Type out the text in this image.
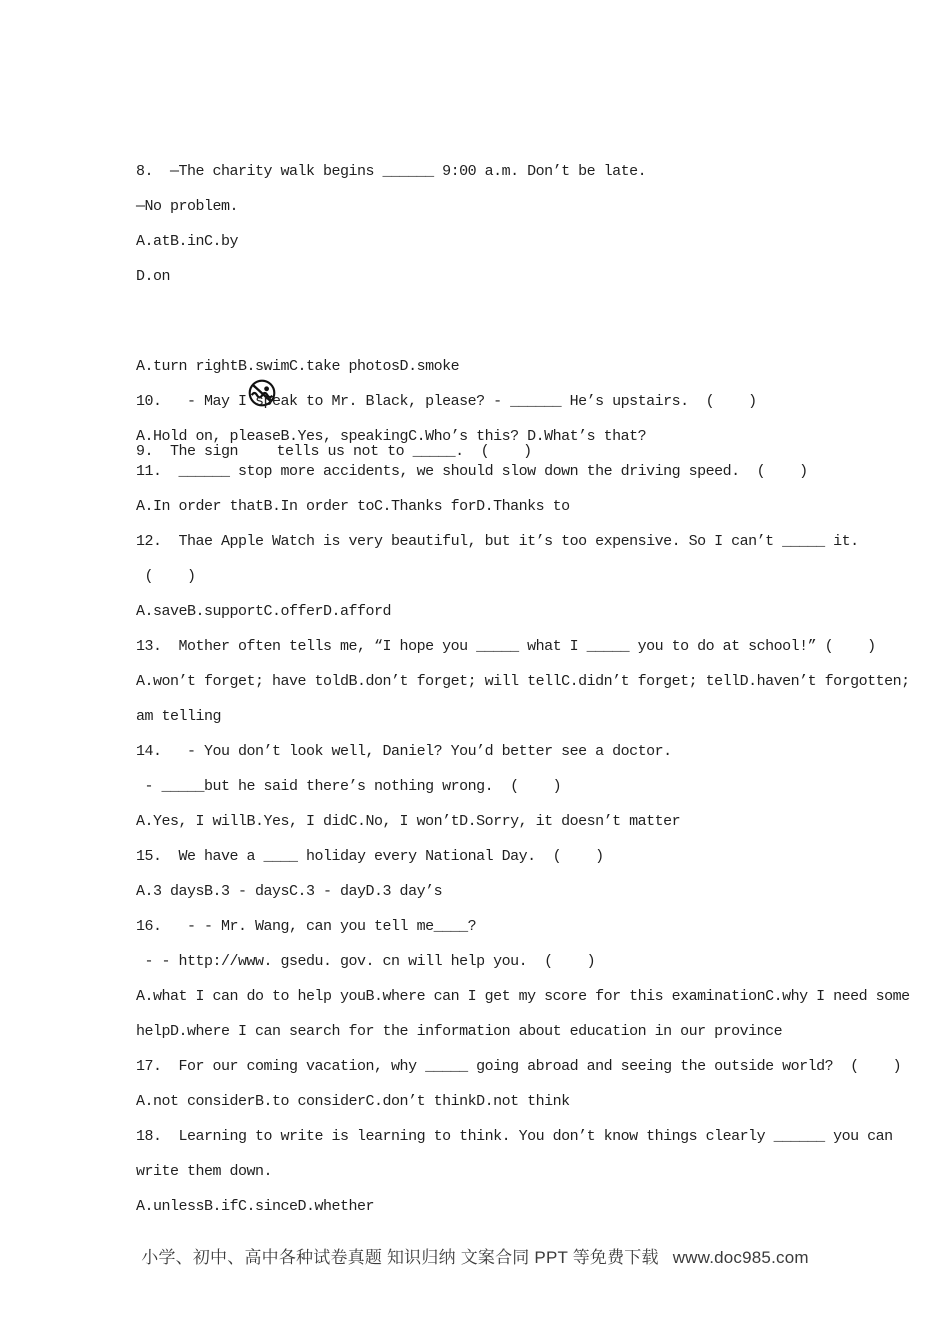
8.  —The charity walk begins ______ 9:00 a.m. Don’t be late.

—No problem.

A.atB.inC.by

D.on

9.  The sign

tells us not to _____.  (    )

A.turn rightB.swimC.take photosD.smoke

10.   - May I speak to Mr. Black, please? - ______ He’s upstairs.  (    )

A.Hold on, pleaseB.Yes, speakingC.Who’s this? D.What’s that?

11.  ______ stop more accidents, we should slow down the driving speed.  (    )

A.In order thatB.In order toC.Thanks forD.Thanks to

12.  Thae Apple Watch is very beautiful, but it’s too expensive. So I can’t _____ it.

(    )

A.saveB.supportC.offerD.afford

13.  Mother often tells me, “I hope you _____ what I _____ you to do at school!” (    )

A.won’t forget; have toldB.don’t forget; will tellC.didn’t forget; tellD.haven’t forgotten;

am telling

14.   - You don’t look well, Daniel? You’d better see a doctor.

- _____but he said there’s nothing wrong.  (    )

A.Yes, I willB.Yes, I didC.No, I won’tD.Sorry, it doesn’t matter

15.  We have a ____ holiday every National Day.  (    )

A.3 daysB.3 - daysC.3 - dayD.3 day’s

16.   - - Mr. Wang, can you tell me____?

- - http://www. gsedu. gov. cn will help you.  (    )

A.what I can do to help youB.where can I get my score for this examinationC.why I need some

helpD.where I can search for the information about education in our province

17.  For our coming vacation, why _____ going abroad and seeing the outside world?  (    )

A.not considerB.to considerC.don’t thinkD.not think

18.  Learning to write is learning to think. You don’t know things clearly ______ you can

write them down.

A.unlessB.ifC.sinceD.whether

小学、初中、高中各种试卷真题 知识归纳 文案合同 PPT 等免费下载 www.doc985.com
